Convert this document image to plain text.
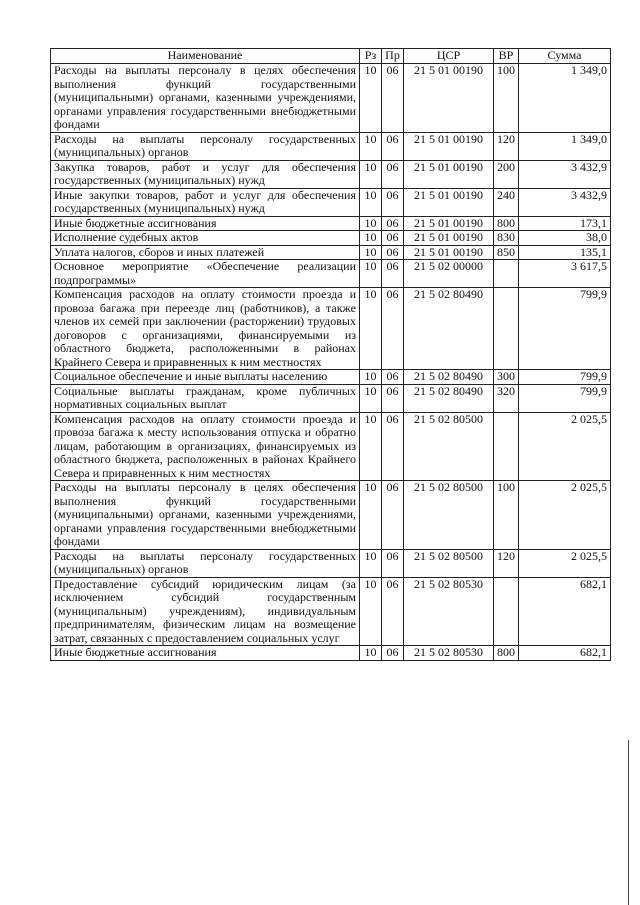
Наименование	Рз	Пр	ЦСР	ВР	Сумма
Расходы на выплаты персоналу в целях обеспечения выполнения функций государственными (муниципальными) органами, казенными учреждениями, органами управления государственными внебюджетными фондами	10	06	21 5 01 00190	100	1 349,0
Расходы на выплаты персоналу государственных (муниципальных) органов	10	06	21 5 01 00190	120	1 349,0
Закупка товаров, работ и услуг для обеспечения государственных (муниципальных) нужд	10	06	21 5 01 00190	200	3 432,9
Иные закупки товаров, работ и услуг для обеспечения государственных (муниципальных) нужд	10	06	21 5 01 00190	240	3 432,9
Иные бюджетные ассигнования	10	06	21 5 01 00190	800	173,1
Исполнение судебных актов	10	06	21 5 01 00190	830	38,0
Уплата налогов, сборов и иных платежей	10	06	21 5 01 00190	850	135,1
Основное мероприятие «Обеспечение реализации подпрограммы»	10	06	21 5 02 00000		3 617,5
Компенсация расходов на оплату стоимости проезда и провоза багажа при переезде лиц (работников), а также членов их семей при заключении (расторжении) трудовых договоров с организациями, финансируемыми из областного бюджета, расположенными в районах Крайнего Севера и приравненных к ним местностях	10	06	21 5 02 80490		799,9
Социальное обеспечение и иные выплаты населению	10	06	21 5 02 80490	300	799,9
Социальные выплаты гражданам, кроме публичных нормативных социальных выплат	10	06	21 5 02 80490	320	799,9
Компенсация расходов на оплату стоимости проезда и провоза багажа к месту использования отпуска и обратно лицам, работающим в организациях, финансируемых из областного бюджета, расположенных в районах Крайнего Севера и приравненных к ним местностях	10	06	21 5 02 80500		2 025,5
Расходы на выплаты персоналу в целях обеспечения выполнения функций государственными (муниципальными) органами, казенными учреждениями, органами управления государственными внебюджетными фондами	10	06	21 5 02 80500	100	2 025,5
Расходы на выплаты персоналу государственных (муниципальных) органов	10	06	21 5 02 80500	120	2 025,5
Предоставление субсидий юридическим лицам (за исключением субсидий государственным (муниципальным) учреждениям), индивидуальным предпринимателям, физическим лицам на возмещение затрат, связанных с предоставлением социальных услуг	10	06	21 5 02 80530		682,1
Иные бюджетные ассигнования	10	06	21 5 02 80530	800	682,1
